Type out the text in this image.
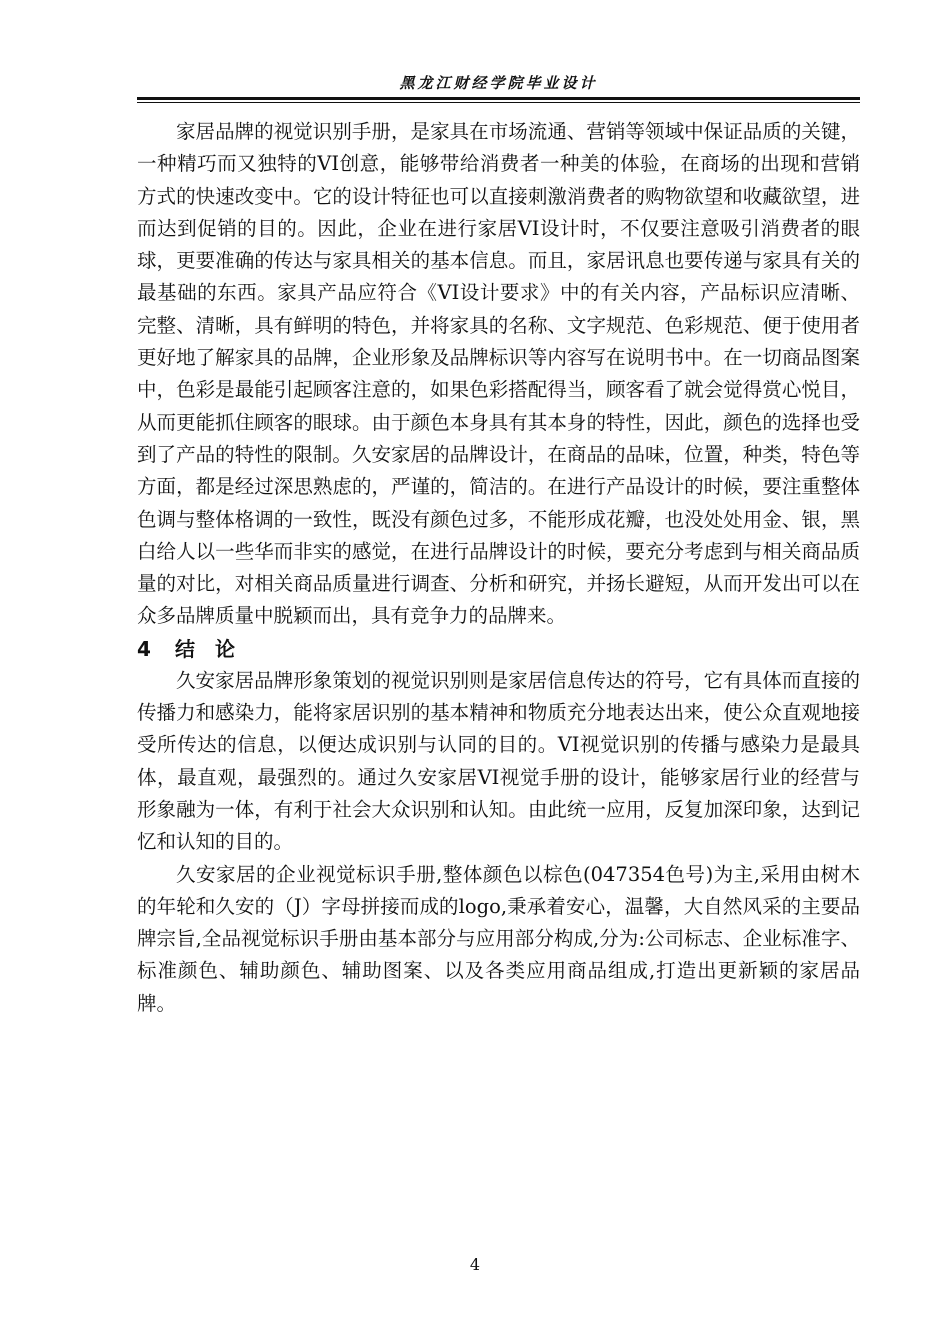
黑龙江财经学院毕业设计

家居品牌的视觉识别手册，是家具在市场流通、营销等领域中保证品质的关键，一种精巧而又独特的VI创意，能够带给消费者一种美的体验，在商场的出现和营销方式的快速改变中。它的设计特征也可以直接刺激消费者的购物欲望和收藏欲望，进而达到促销的目的。因此，企业在进行家居VI设计时，不仅要注意吸引消费者的眼球，更要准确的传达与家具相关的基本信息。而且，家居讯息也要传递与家具有关的最基础的东西。家具产品应符合《VI设计要求》中的有关内容，产品标识应清晰、完整、清晰，具有鲜明的特色，并将家具的名称、文字规范、色彩规范、便于使用者更好地了解家具的品牌，企业形象及品牌标识等内容写在说明书中。在一切商品图案中，色彩是最能引起顾客注意的，如果色彩搭配得当，顾客看了就会觉得赏心悦目，从而更能抓住顾客的眼球。由于颜色本身具有其本身的特性，因此，颜色的选择也受到了产品的特性的限制。久安家居的品牌设计，在商品的品味，位置，种类，特色等方面，都是经过深思熟虑的，严谨的，简洁的。在进行产品设计的时候，要注重整体色调与整体格调的一致性，既没有颜色过多，不能形成花瓣，也没处处用金、银，黑白给人以一些华而非实的感觉，在进行品牌设计的时候，要充分考虑到与相关商品质量的对比，对相关商品质量进行调查、分析和研究，并扬长避短，从而开发出可以在众多品牌质量中脱颖而出，具有竞争力的品牌来。

4 结论

久安家居品牌形象策划的视觉识别则是家居信息传达的符号，它有具体而直接的传播力和感染力，能将家居识别的基本精神和物质充分地表达出来，使公众直观地接受所传达的信息，以便达成识别与认同的目的。VI视觉识别的传播与感染力是最具体，最直观，最强烈的。通过久安家居VI视觉手册的设计，能够家居行业的经营与形象融为一体，有利于社会大众识别和认知。由此统一应用，反复加深印象，达到记忆和认知的目的。

久安家居的企业视觉标识手册,整体颜色以棕色(047354色号)为主,采用由树木的年轮和久安的（J）字母拼接而成的logo,秉承着安心，温馨，大自然风采的主要品牌宗旨,全品视觉标识手册由基本部分与应用部分构成,分为:公司标志、企业标准字、标准颜色、辅助颜色、辅助图案、以及各类应用商品组成,打造出更新颖的家居品牌。

4
